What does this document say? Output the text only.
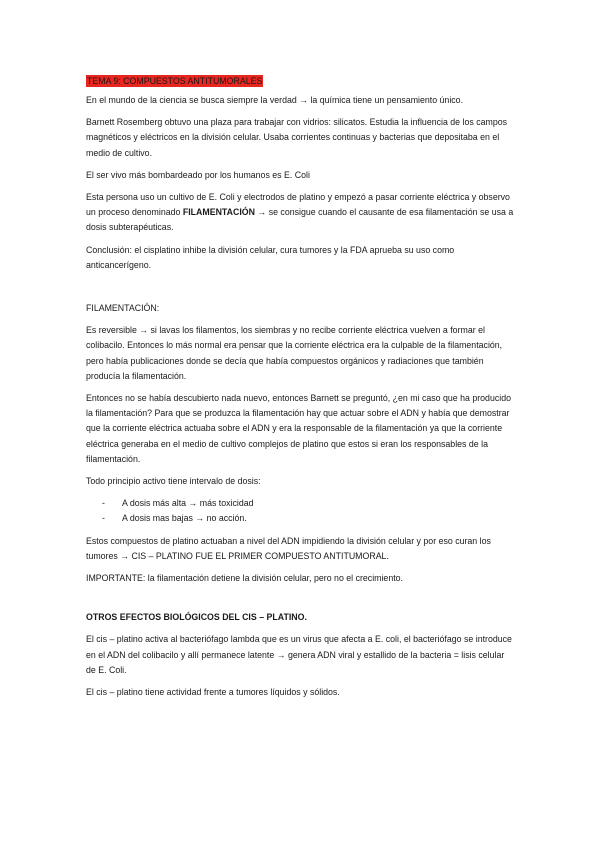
TEMA 9: COMPUESTOS ANTITUMORALES

En el mundo de la ciencia se busca siempre la verdad → la química tiene un pensamiento único.

Barnett Rosemberg obtuvo una plaza para trabajar con vidrios: silicatos. Estudia la influencia de los campos magnéticos y eléctricos en la división celular. Usaba corrientes continuas y bacterias que depositaba en el medio de cultivo.

El ser vivo más bombardeado por los humanos es E. Coli

Esta persona uso un cultivo de E. Coli y electrodos de platino y empezó a pasar corriente eléctrica y observo un proceso denominado FILAMENTACIÓN → se consigue cuando el causante de esa filamentación se usa a dosis subterapéuticas.

Conclusión: el cisplatino inhibe la división celular, cura tumores y la FDA aprueba su uso como anticancerígeno.

FILAMENTACIÓN:

Es reversible → si lavas los filamentos, los siembras y no recibe corriente eléctrica vuelven a formar el colibacilo. Entonces lo más normal era pensar que la corriente eléctrica era la culpable de la filamentación, pero había publicaciones donde se decía que había compuestos orgánicos y radiaciones que también producía la filamentación.

Entonces no se había descubierto nada nuevo, entonces Barnett se preguntó, ¿en mi caso que ha producido la filamentación? Para que se produzca la filamentación hay que actuar sobre el ADN y había que demostrar que la corriente eléctrica actuaba sobre el ADN y era la responsable de la filamentación ya que la corriente eléctrica generaba en el medio de cultivo complejos de platino que estos si eran los responsables de la filamentación.

Todo principio activo tiene intervalo de dosis:

- A dosis más alta → más toxicidad
- A dosis mas bajas → no acción.

Estos compuestos de platino actuaban a nivel del ADN impidiendo la división celular y por eso curan los tumores → CIS – PLATINO FUE EL PRIMER COMPUESTO ANTITUMORAL.

IMPORTANTE: la filamentación detiene la división celular, pero no el crecimiento.

OTROS EFECTOS BIOLÓGICOS DEL CIS – PLATINO.

El cis – platino activa al bacteriófago lambda que es un virus que afecta a E. coli, el bacteriófago se introduce en el ADN del colibacilo y allí permanece latente → genera ADN viral y estallido de la bacteria = lisis celular de E. Coli.

El cis – platino tiene actividad frente a tumores líquidos y sólidos.
